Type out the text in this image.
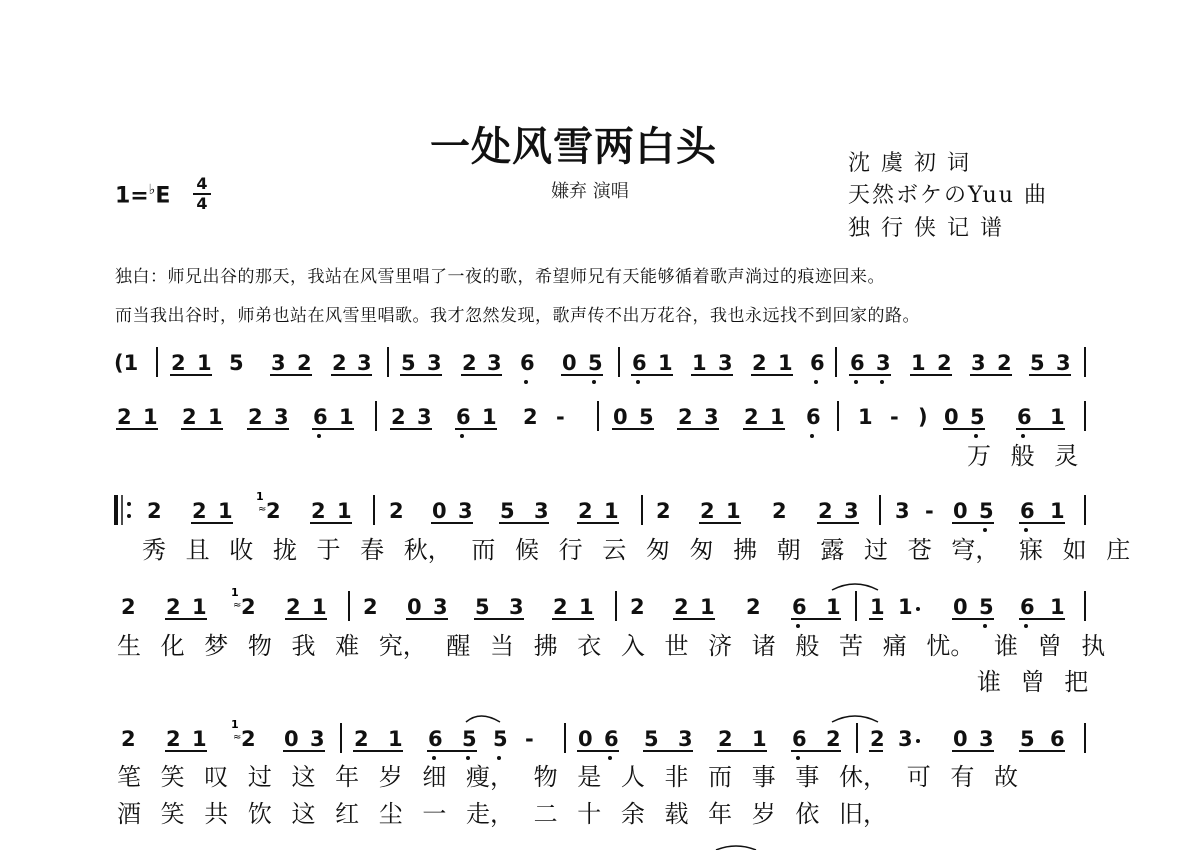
一处风雪两白头
嫌弃 演唱
沈 虞 初 词
天然ボケのYuu 曲
独 行 侠 记 谱
1=♭E 4
4
独白：师兄出谷的那天，我站在风雪里唱了一夜的歌，希望师兄有天能够循着歌声淌过的痕迹回来。
而当我出谷时，师弟也站在风雪里唱歌。我才忽然发现，歌声传不出万花谷，我也永远找不到回家的路。
(1 2 1 5 3 2 2 3 5 3 2 3 6 0 5 6 1 1 3 2 1 6 6 3 1 2 3 2 5 3
2 1 2 1 2 3 6 1 2 3 6 1 2 - 0 5 2 3 2 1 6 1 - ) 0 5 6 1
万 般 灵
2 2 1
1
≈ 2 2 1 2 0 3 5 3 2 1 2 2 1 2 2 3 3 - 0 5 6 1
秀 且 收 拢 于 春 秋， 而 候 行 云 匆 匆 拂 朝 露 过 苍 穹， 寐 如 庄
2 2 1
1
≈ 2 2 1 2 0 3 5 3 2 1 2 2 1 2 6 1 1 1 0 5 6 1
生 化 梦 物 我 难 究， 醒 当 拂 衣 入 世 济 诸 般 苦 痛 忧。 谁 曾 执
谁 曾 把
2 2 1
1
≈ 2 0 3 2 1 6 5 5 - 0 6 5 3 2 1 6 2 2 3 0 3 5 6
笔 笑 叹 过 这 年 岁 细 瘦， 物 是 人 非 而 事 事 休， 可 有 故
酒 笑 共 饮 这 红 尘 一 走， 二 十 余 载 年 岁 依 旧，
